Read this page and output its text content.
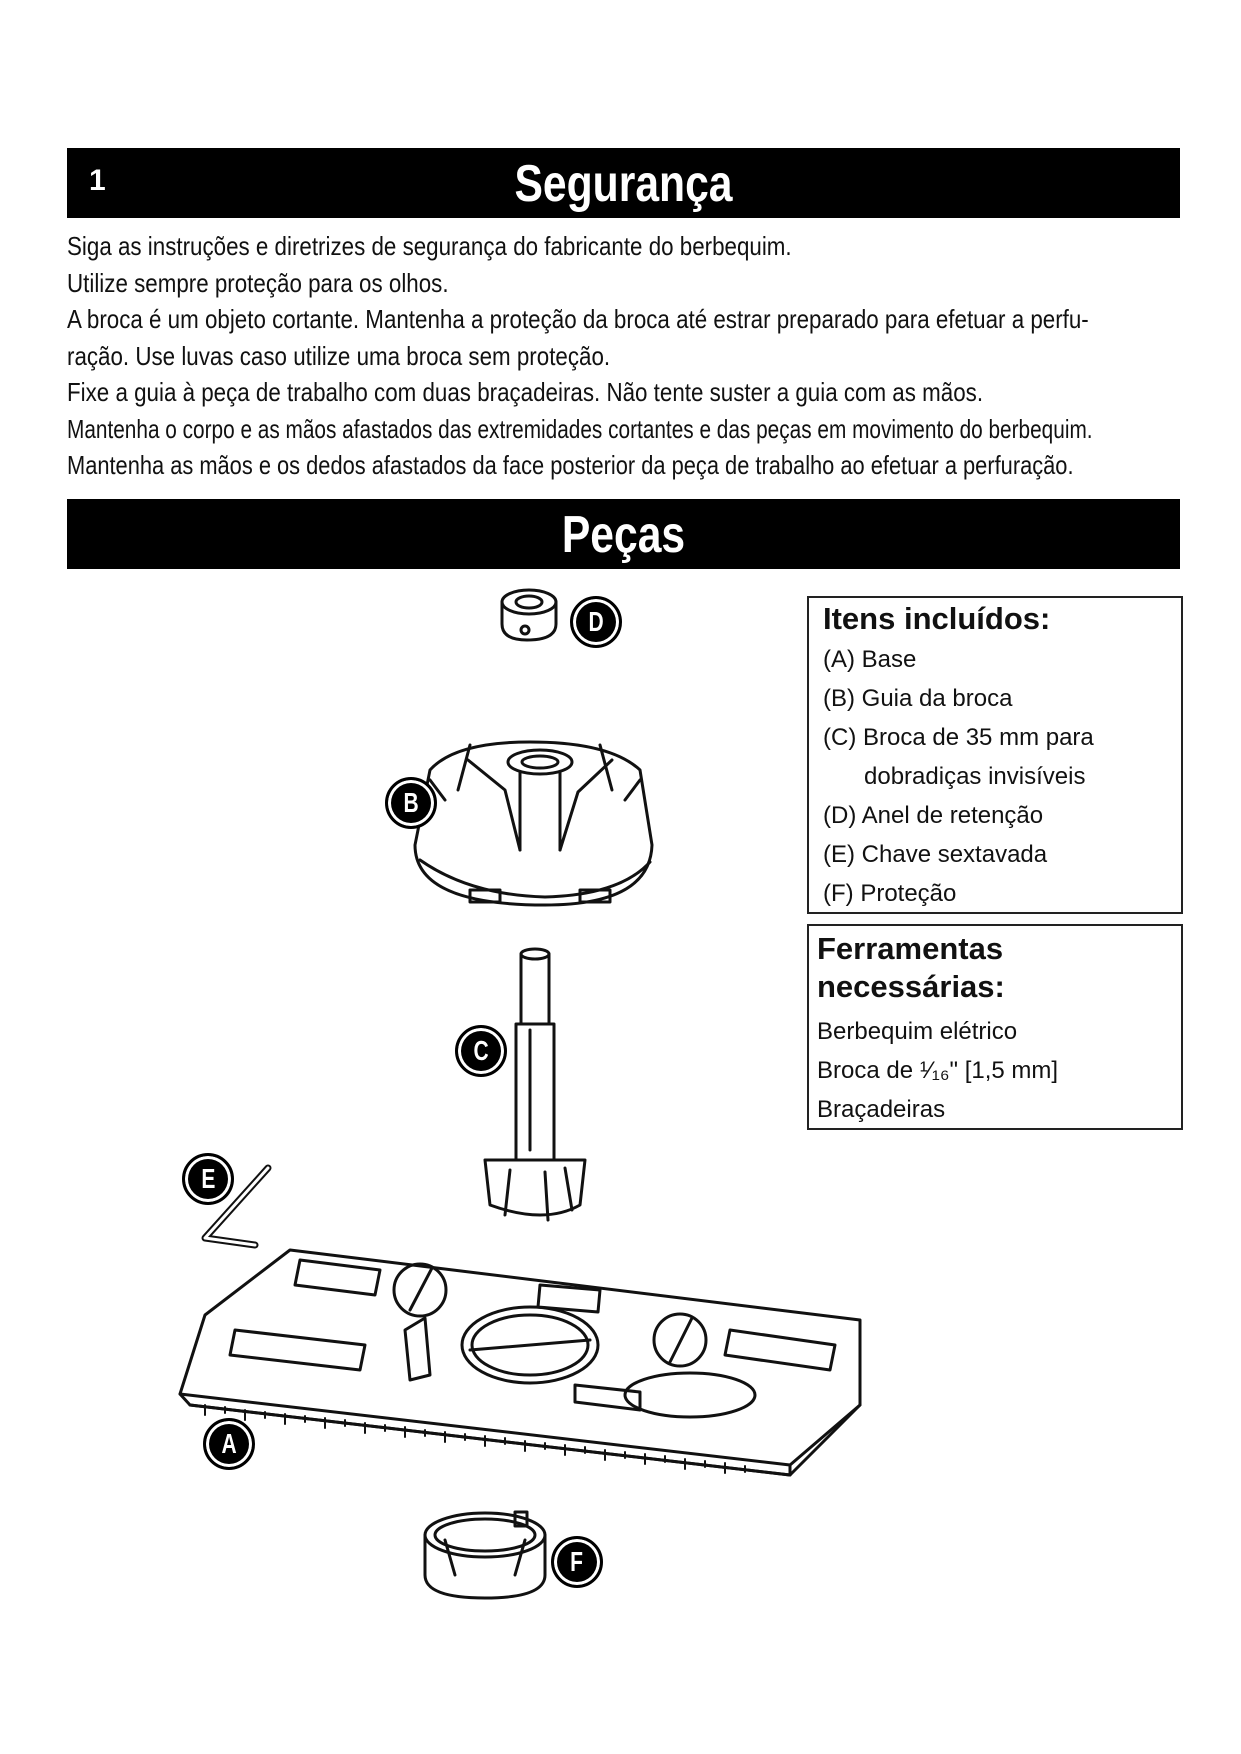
1	Segurança
Siga as instruções e diretrizes de segurança do fabricante do berbequim.
Utilize sempre proteção para os olhos.
A broca é um objeto cortante. Mantenha a proteção da broca até estrar preparado para efetuar a perfu-
ração. Use luvas caso utilize uma broca sem proteção.
Fixe a guia à peça de trabalho com duas braçadeiras. Não tente suster a guia com as mãos.
Mantenha o corpo e as mãos afastados das extremidades cortantes e das peças em movimento do berbequim.
Mantenha as mãos e os dedos afastados da face posterior da peça de trabalho ao efetuar a perfuração.
Peças
Itens incluídos:
(A) Base
(B) Guia da broca
(C) Broca de 35 mm para
dobradiças invisíveis
(D) Anel de retenção
(E) Chave sextavada
(F) Proteção
Ferramentas necessárias:
Berbequim elétrico
Broca de ¹⁄₁₆" [1,5 mm]
Braçadeiras
D
B
C
E
A
F
